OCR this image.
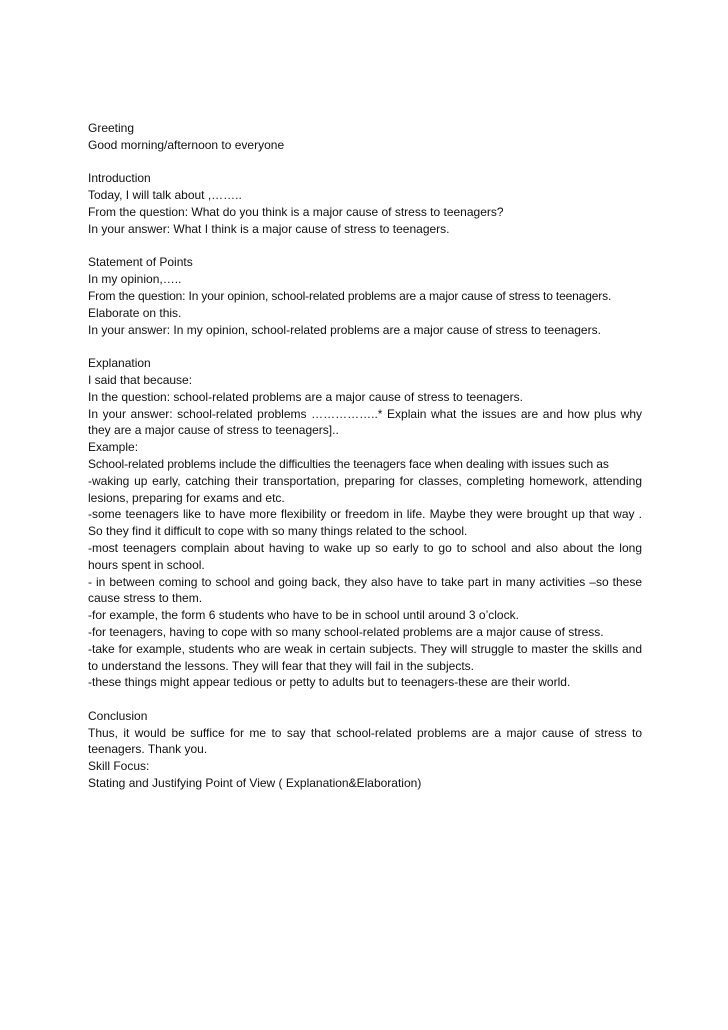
Greeting
Good morning/afternoon to everyone
Introduction
Today, I will talk about ,……..
From the question: What do you think is a major cause of stress to teenagers?
In your answer: What I think is a major cause of stress to teenagers.
Statement of Points
In my opinion,…..
From the question: In your opinion, school-related problems are a major cause of stress to teenagers.
Elaborate on this.
In your answer: In my opinion, school-related problems are a major cause of stress to teenagers.
Explanation
I said that because:
In the question: school-related problems are a major cause of stress to teenagers.
In your answer: school-related problems ……………..* Explain what the issues are and how plus why they are a major cause of stress to teenagers]..
Example:
School-related problems include the difficulties the teenagers face when dealing with issues such as
-waking up early, catching their transportation, preparing for classes, completing homework, attending lesions, preparing for exams and etc.
-some teenagers like to have more flexibility or freedom in life. Maybe they were brought up that way . So they find it difficult to cope with so many things related to the school.
-most teenagers complain about having to wake up so early to go to school and also about the long hours spent in school.
- in between coming to school and going back, they also have to take part in many activities –so these cause stress to them.
-for example, the form 6 students who have to be in school until around 3 o’clock.
-for teenagers, having to cope with so many school-related problems are a major cause of stress.
-take for example, students who are weak in certain subjects. They will struggle to master the skills and to understand the lessons. They will fear that they will fail in the subjects.
-these things might appear tedious or petty to adults but to teenagers-these are their world.
Conclusion
Thus, it would be suffice for me to say that school-related problems are a major cause of stress to teenagers. Thank you.
Skill Focus:
Stating and Justifying Point of View ( Explanation&Elaboration)
